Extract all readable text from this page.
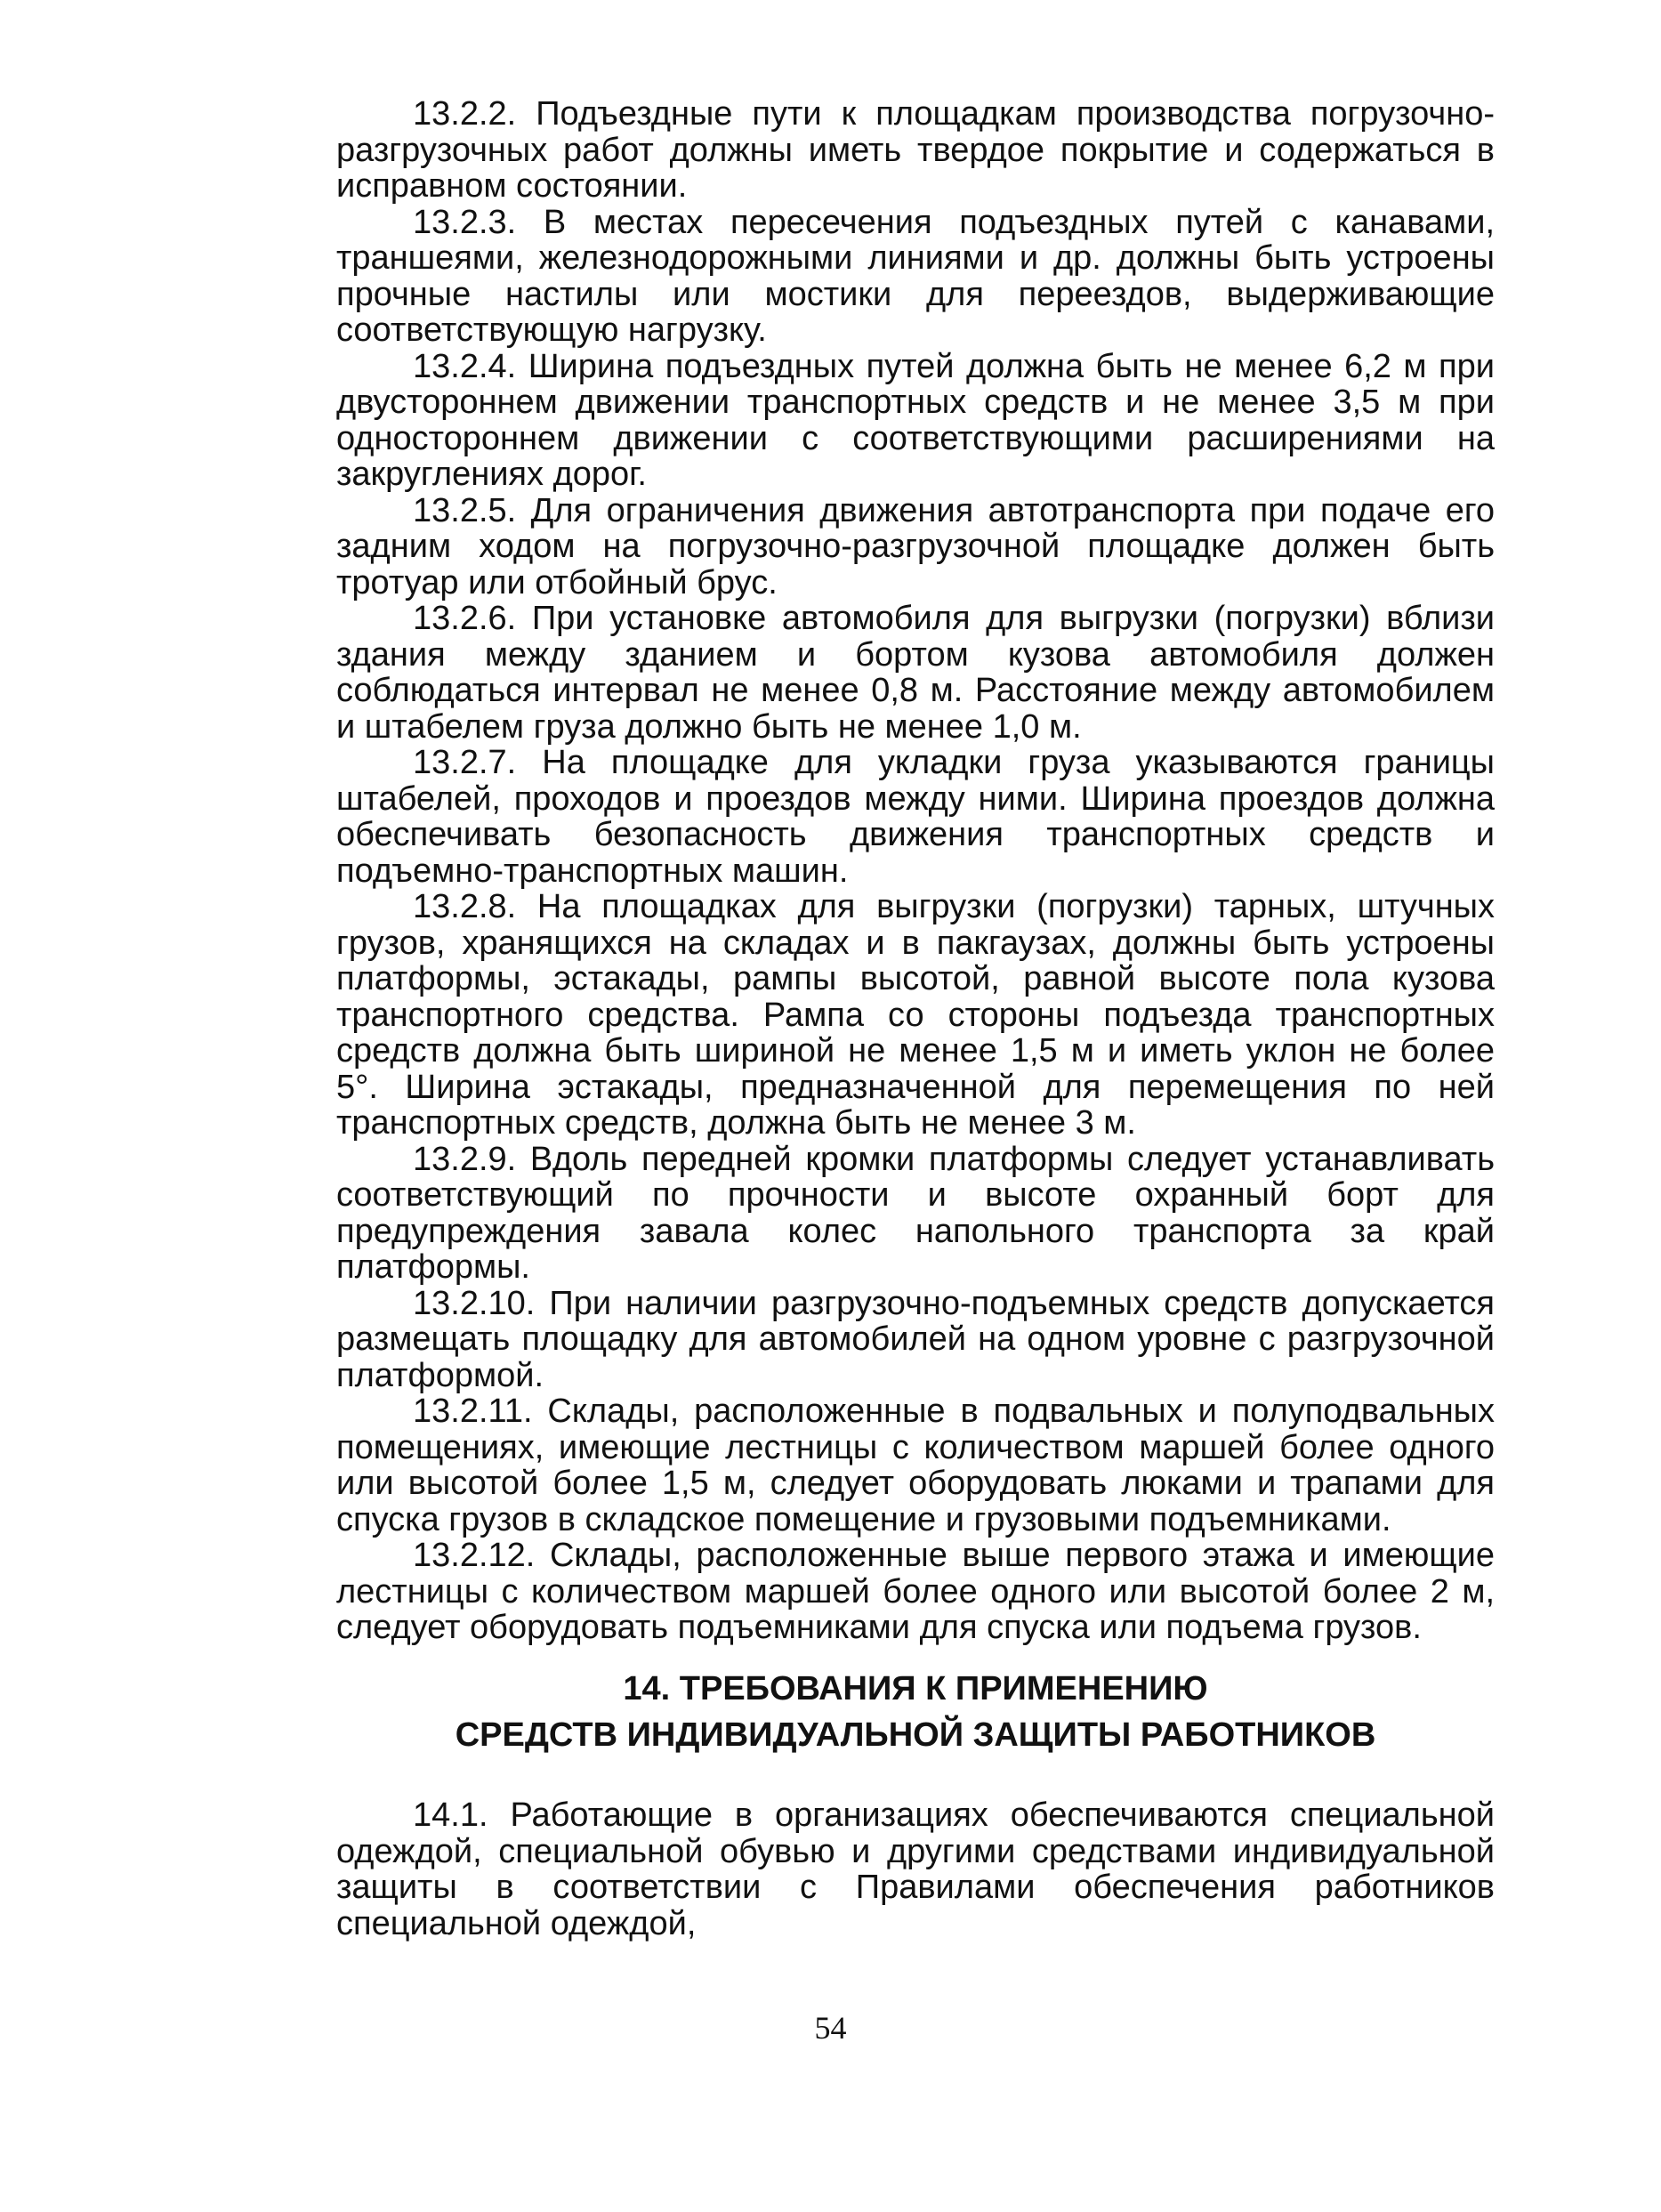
13.2.2. Подъездные пути к площадкам производства погрузочно-разгрузочных работ должны иметь твердое покрытие и содержаться в исправном состоянии.

13.2.3. В местах пересечения подъездных путей с канавами, траншеями, железнодорожными линиями и др. должны быть устроены прочные настилы или мостики для переездов, выдерживающие соответствующую нагрузку.

13.2.4. Ширина подъездных путей должна быть не менее 6,2 м при двустороннем движении транспортных средств и не менее 3,5 м при одностороннем движении с соответствующими расширениями на закруглениях дорог.

13.2.5. Для ограничения движения автотранспорта при подаче его задним ходом на погрузочно-разгрузочной площадке должен быть тротуар или отбойный брус.

13.2.6. При установке автомобиля для выгрузки (погрузки) вблизи здания между зданием и бортом кузова автомобиля должен соблюдаться интервал не менее 0,8 м. Расстояние между автомобилем и штабелем груза должно быть не менее 1,0 м.

13.2.7. На площадке для укладки груза указываются границы штабелей, проходов и проездов между ними. Ширина проездов должна обеспечивать безопасность движения транспортных средств и подъемно-транспортных машин.

13.2.8. На площадках для выгрузки (погрузки) тарных, штучных грузов, хранящихся на складах и в пакгаузах, должны быть устроены платформы, эстакады, рампы высотой, равной высоте пола кузова транспортного средства. Рампа со стороны подъезда транспортных средств должна быть шириной не менее 1,5 м и иметь уклон не более 5°. Ширина эстакады, предназначенной для перемещения по ней транспортных средств, должна быть не менее 3 м.

13.2.9. Вдоль передней кромки платформы следует устанавливать соответствующий по прочности и высоте охранный борт для предупреждения завала колес напольного транспорта за край платформы.

13.2.10. При наличии разгрузочно-подъемных средств допускается размещать площадку для автомобилей на одном уровне с разгрузочной платформой.

13.2.11. Склады, расположенные в подвальных и полуподвальных помещениях, имеющие лестницы с количеством маршей более одного или высотой более 1,5 м, следует оборудовать люками и трапами для спуска грузов в складское помещение и грузовыми подъемниками.

13.2.12. Склады, расположенные выше первого этажа и имеющие лестницы с количеством маршей более одного или высотой более 2 м, следует оборудовать подъемниками для спуска или подъема грузов.

14. ТРЕБОВАНИЯ К ПРИМЕНЕНИЮ
СРЕДСТВ ИНДИВИДУАЛЬНОЙ ЗАЩИТЫ РАБОТНИКОВ

14.1. Работающие в организациях обеспечиваются специальной одеждой, специальной обувью и другими средствами индивидуальной защиты в соответствии с Правилами обеспечения работников специальной одеждой,

54
